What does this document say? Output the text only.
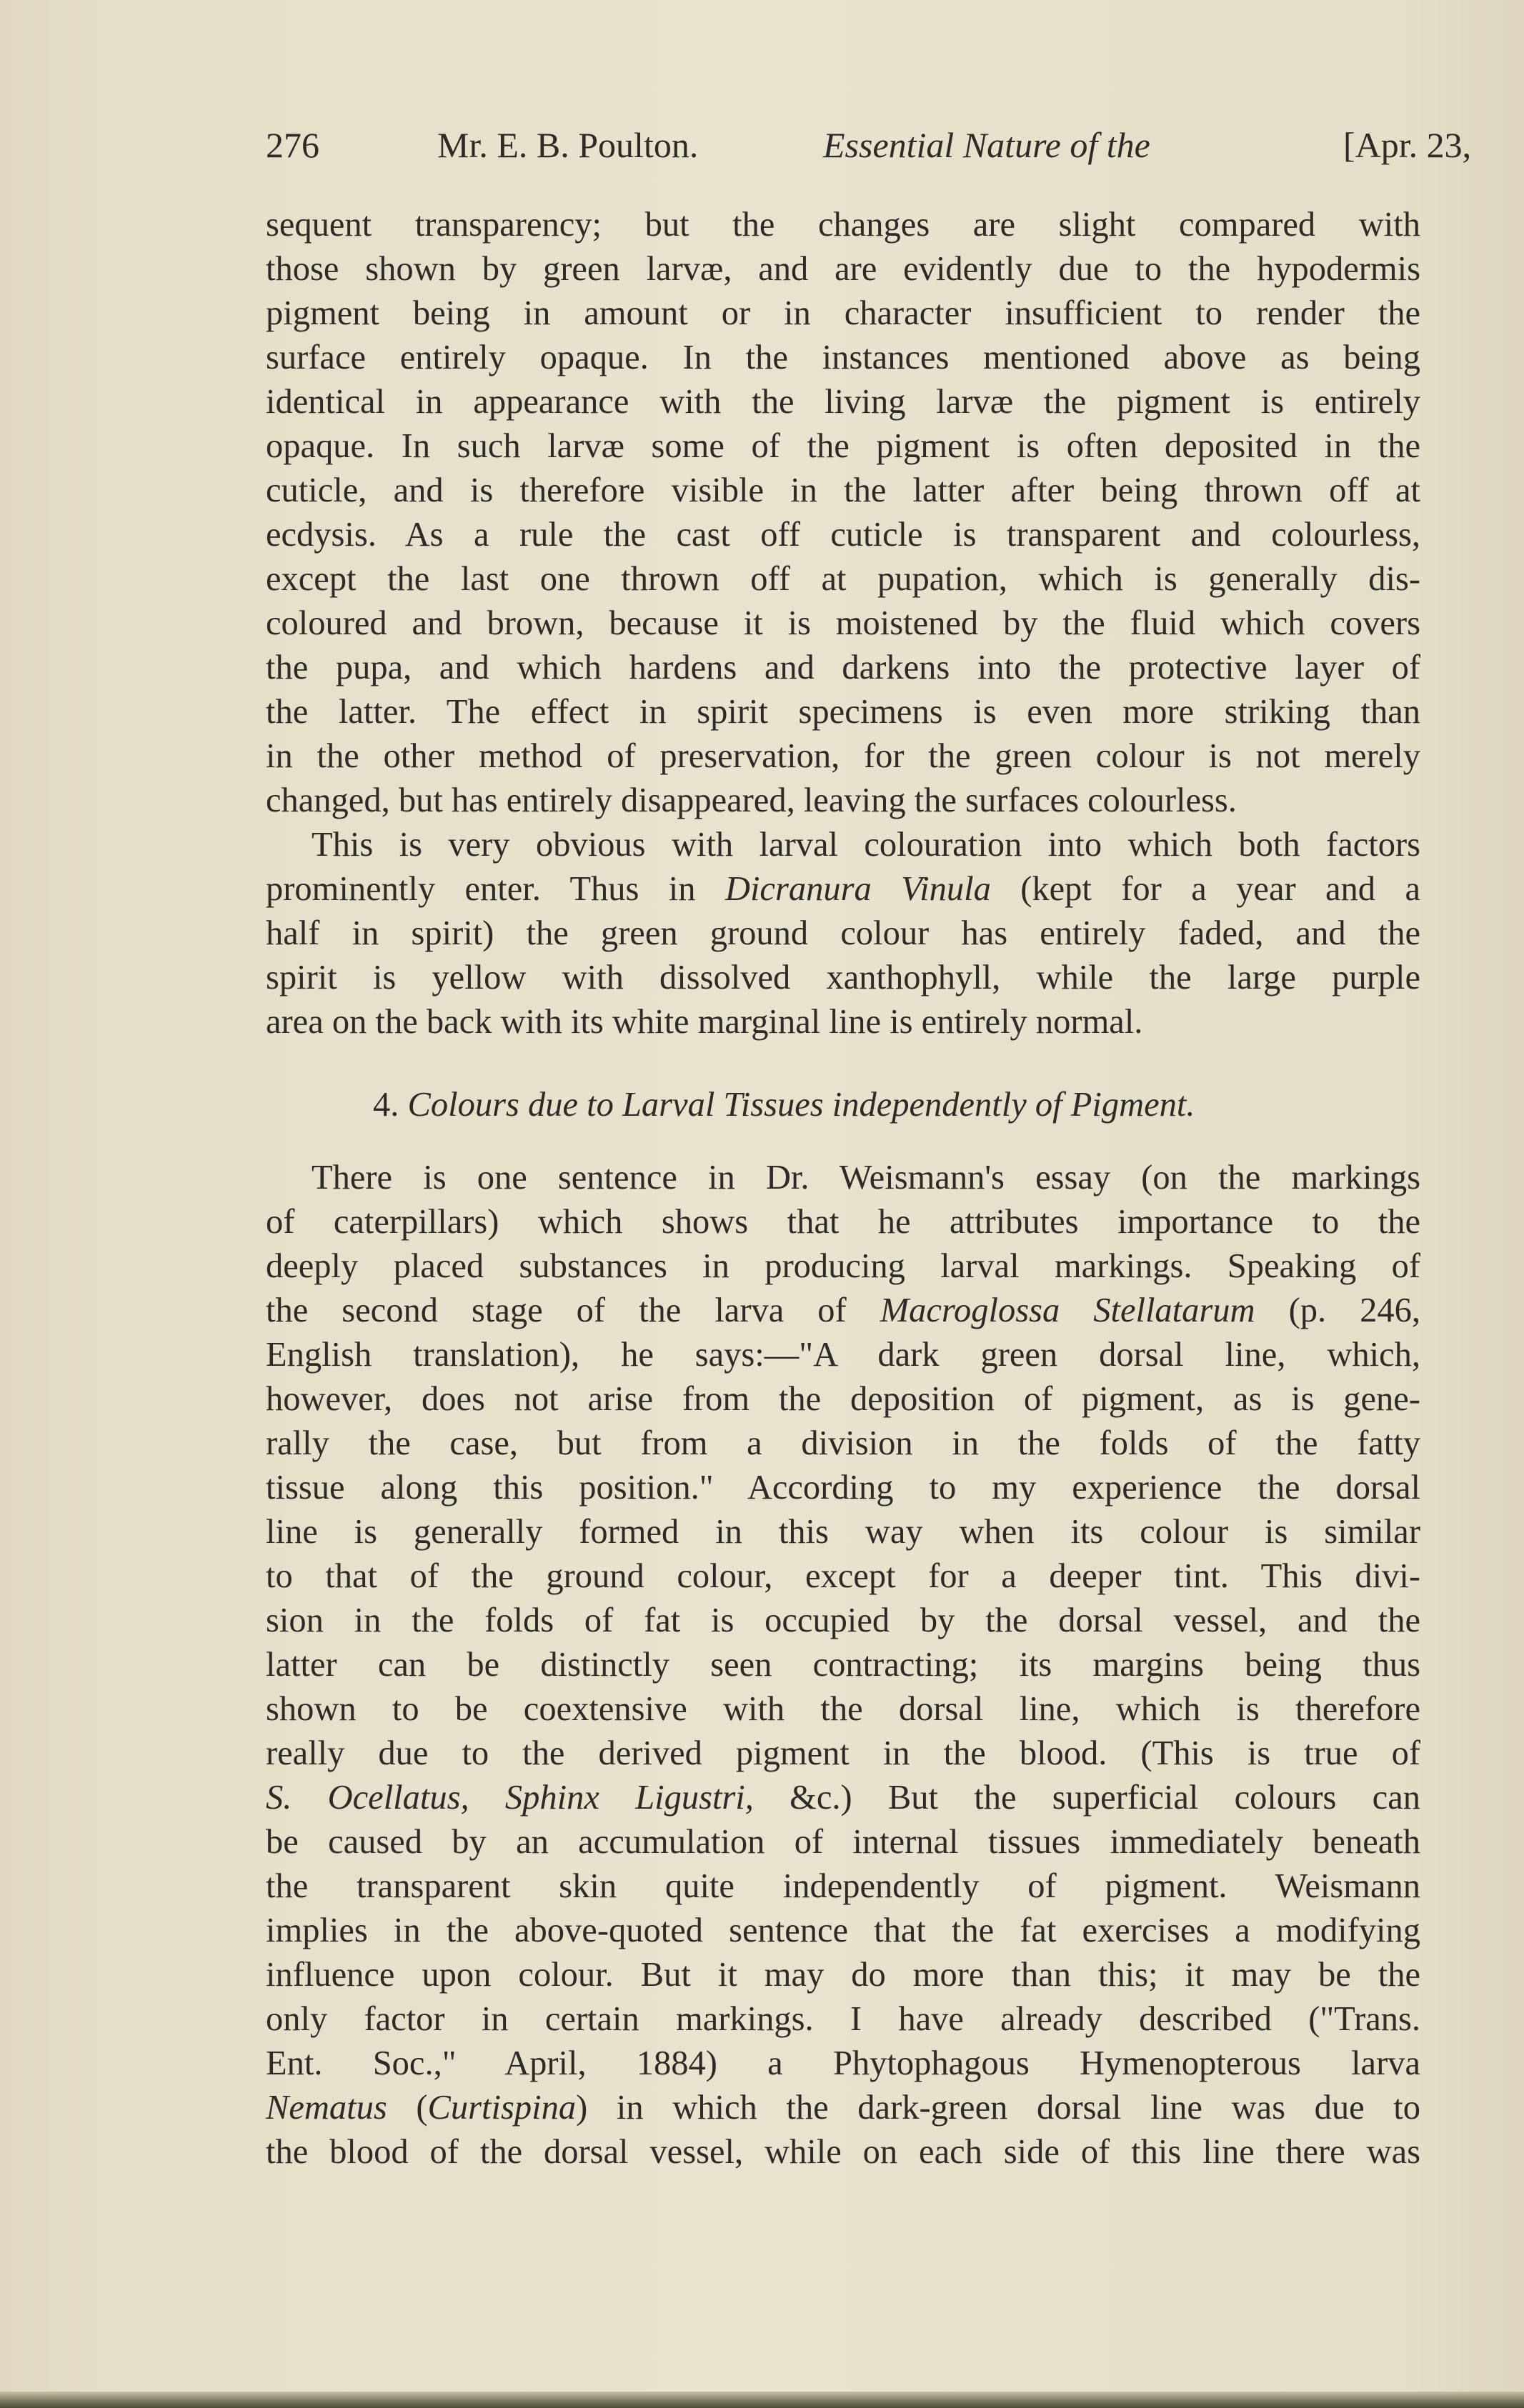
276	Mr. E. B. Poulton.	Essential Nature of the	[Apr. 23,
sequent transparency; but the changes are slight compared with
those shown by green larvæ, and are evidently due to the hypodermis
pigment being in amount or in character insufficient to render the
surface entirely opaque. In the instances mentioned above as being
identical in appearance with the living larvæ the pigment is entirely
opaque. In such larvæ some of the pigment is often deposited in the
cuticle, and is therefore visible in the latter after being thrown off at
ecdysis. As a rule the cast off cuticle is transparent and colourless,
except the last one thrown off at pupation, which is generally dis-
coloured and brown, because it is moistened by the fluid which covers
the pupa, and which hardens and darkens into the protective layer of
the latter. The effect in spirit specimens is even more striking than
in the other method of preservation, for the green colour is not merely
changed, but has entirely disappeared, leaving the surfaces colourless.
This is very obvious with larval colouration into which both factors
prominently enter. Thus in Dicranura Vinula (kept for a year and a
half in spirit) the green ground colour has entirely faded, and the
spirit is yellow with dissolved xanthophyll, while the large purple
area on the back with its white marginal line is entirely normal.
4. Colours due to Larval Tissues independently of Pigment.
There is one sentence in Dr. Weismann's essay (on the markings
of caterpillars) which shows that he attributes importance to the
deeply placed substances in producing larval markings. Speaking of
the second stage of the larva of Macroglossa Stellatarum (p. 246,
English translation), he says:—"A dark green dorsal line, which,
however, does not arise from the deposition of pigment, as is gene-
rally the case, but from a division in the folds of the fatty
tissue along this position." According to my experience the dorsal
line is generally formed in this way when its colour is similar
to that of the ground colour, except for a deeper tint. This divi-
sion in the folds of fat is occupied by the dorsal vessel, and the
latter can be distinctly seen contracting; its margins being thus
shown to be coextensive with the dorsal line, which is therefore
really due to the derived pigment in the blood. (This is true of
S. Ocellatus, Sphinx Ligustri, &c.) But the superficial colours can
be caused by an accumulation of internal tissues immediately beneath
the transparent skin quite independently of pigment. Weismann
implies in the above-quoted sentence that the fat exercises a modifying
influence upon colour. But it may do more than this; it may be the
only factor in certain markings. I have already described ("Trans.
Ent. Soc.," April, 1884) a Phytophagous Hymenopterous larva
Nematus (Curtispina) in which the dark-green dorsal line was due to
the blood of the dorsal vessel, while on each side of this line there was
